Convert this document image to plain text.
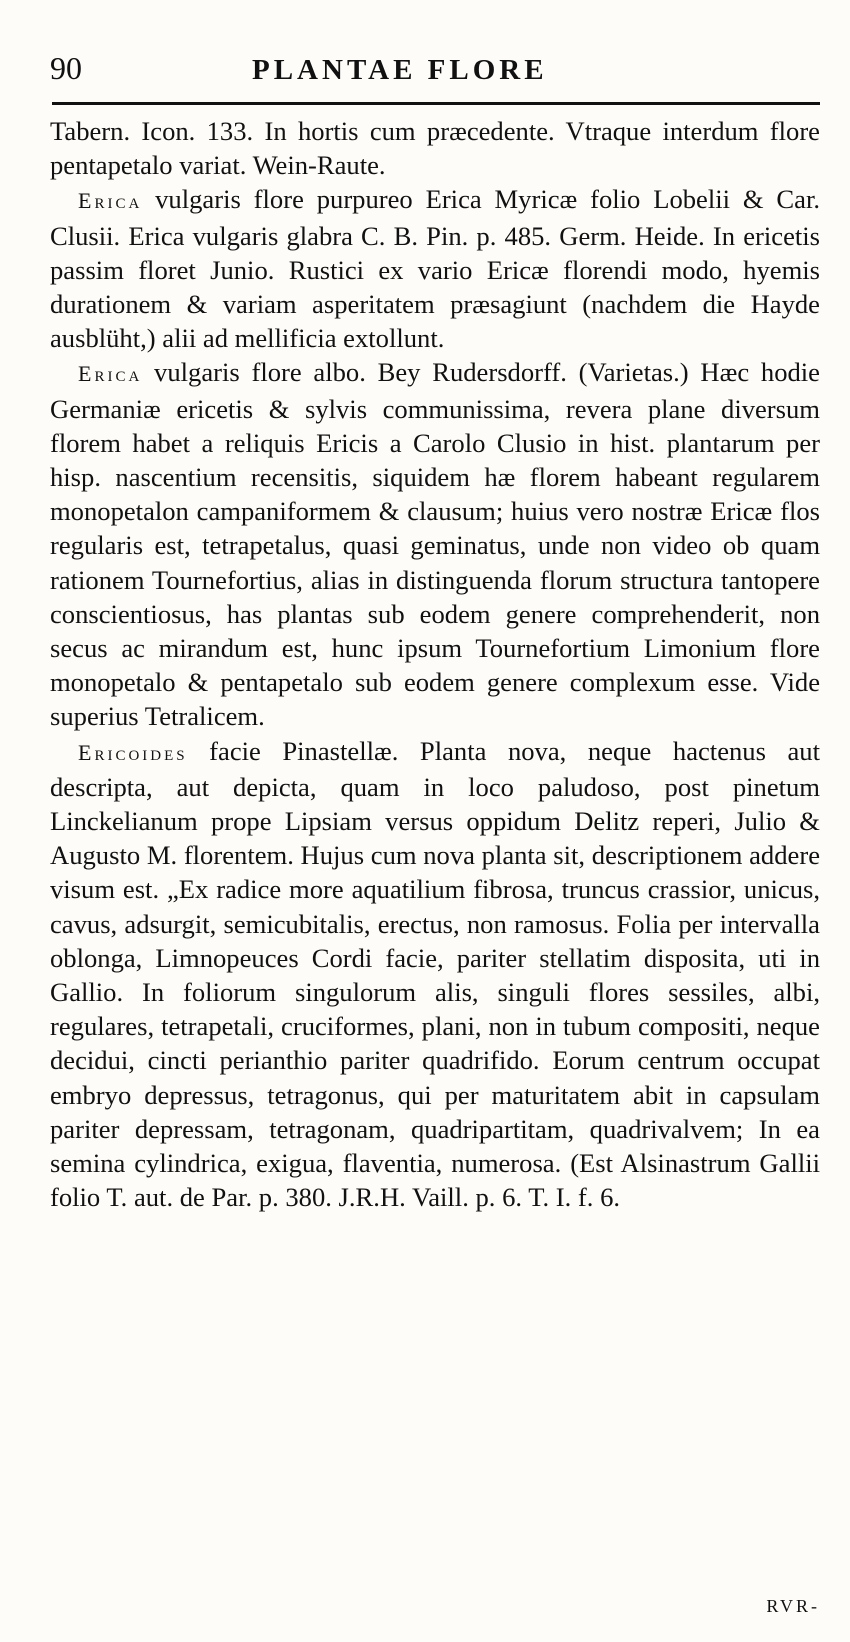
90	PLANTAE FLORE

Tabern. Icon. 133. In hortis cum præcedente. Vtraque interdum flore pentapetalo variat. Wein-Raute.

Erica vulgaris flore purpureo Erica Myricæ folio Lobelii & Car. Clusii. Erica vulgaris glabra C. B. Pin. p. 485. Germ. Heide. In ericetis passim floret Junio. Rustici ex vario Ericæ florendi modo, hyemis durationem & variam asperitatem præsagiunt (nachdem die Hayde ausblüht,) alii ad mellificia extollunt.

Erica vulgaris flore albo. Bey Rudersdorff. (Varietas.) Hæc hodie Germaniæ ericetis & sylvis communissima, revera plane diversum florem habet a reliquis Ericis a Carolo Clusio in hist. plantarum per hisp. nascentium recensitis, siquidem hæ florem habeant regularem monopetalon campaniformem & clausum; huius vero nostræ Ericæ flos regularis est, tetrapetalus, quasi geminatus, unde non video ob quam rationem Tournefortius, alias in distinguenda florum structura tantopere conscientiosus, has plantas sub eodem genere comprehenderit, non secus ac mirandum est, hunc ipsum Tournefortium Limonium flore monopetalo & pentapetalo sub eodem genere complexum esse. Vide superius Tetralicem.

Ericoides facie Pinastellæ. Planta nova, neque hactenus aut descripta, aut depicta, quam in loco paludoso, post pinetum Linckelianum prope Lipsiam versus oppidum Delitz reperi, Julio & Augusto M. florentem. Hujus cum nova planta sit, descriptionem addere visum est. „Ex radice more aquatilium fibrosa, truncus crassior, unicus, cavus, adsurgit, semicubitalis, erectus, non ramosus. Folia per intervalla oblonga, Limnopeuces Cordi facie, pariter stellatim disposita, uti in Gallio. In foliorum singulorum alis, singuli flores sessiles, albi, regulares, tetrapetali, cruciformes, plani, non in tubum compositi, neque decidui, cincti perianthio pariter quadrifido. Eorum centrum occupat embryo depressus, tetragonus, qui per maturitatem abit in capsulam pariter depressam, tetragonam, quadripartitam, quadrivalvem; In ea semina cylindrica, exigua, flaventia, numerosa. (Est Alsinastrum Gallii folio T. aut. de Par. p. 380. J.R.H. Vaill. p. 6. T. I. f. 6.

RVR-
